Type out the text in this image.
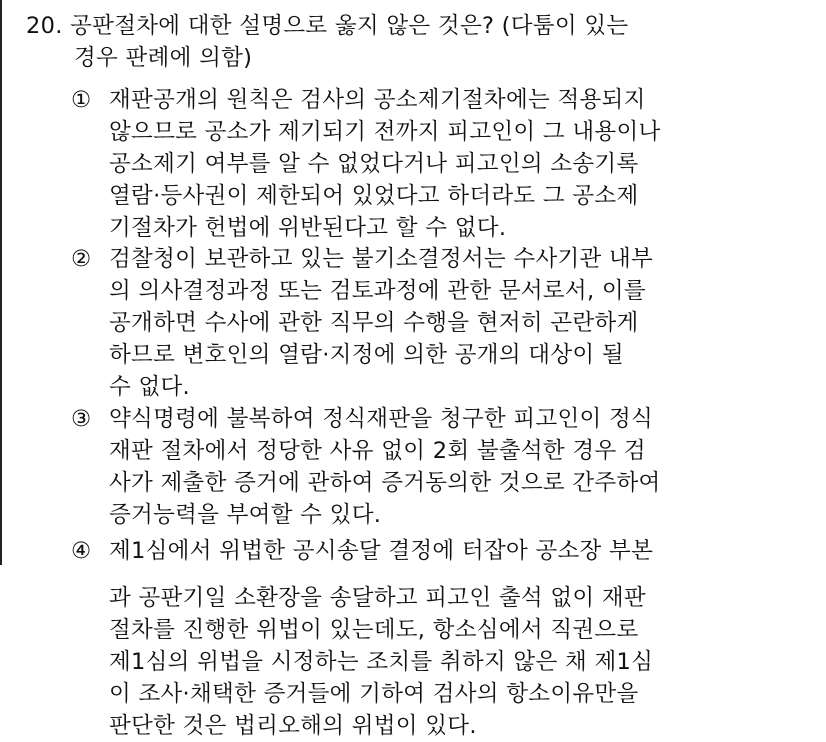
20. 공판절차에 대한 설명으로 옳지 않은 것은? (다툼이 있는
경우 판례에 의함)
① 재판공개의 원칙은 검사의 공소제기절차에는 적용되지
않으므로 공소가 제기되기 전까지 피고인이 그 내용이나
공소제기 여부를 알 수 없었다거나 피고인의 소송기록
열람·등사권이 제한되어 있었다고 하더라도 그 공소제
기절차가 헌법에 위반된다고 할 수 없다.
② 검찰청이 보관하고 있는 불기소결정서는 수사기관 내부
의 의사결정과정 또는 검토과정에 관한 문서로서, 이를
공개하면 수사에 관한 직무의 수행을 현저히 곤란하게
하므로 변호인의 열람·지정에 의한 공개의 대상이 될
수 없다.
③ 약식명령에 불복하여 정식재판을 청구한 피고인이 정식
재판 절차에서 정당한 사유 없이 2회 불출석한 경우 검
사가 제출한 증거에 관하여 증거동의한 것으로 간주하여
증거능력을 부여할 수 있다.
④ 제1심에서 위법한 공시송달 결정에 터잡아 공소장 부본
과 공판기일 소환장을 송달하고 피고인 출석 없이 재판
절차를 진행한 위법이 있는데도, 항소심에서 직권으로
제1심의 위법을 시정하는 조치를 취하지 않은 채 제1심
이 조사·채택한 증거들에 기하여 검사의 항소이유만을
판단한 것은 법리오해의 위법이 있다.
